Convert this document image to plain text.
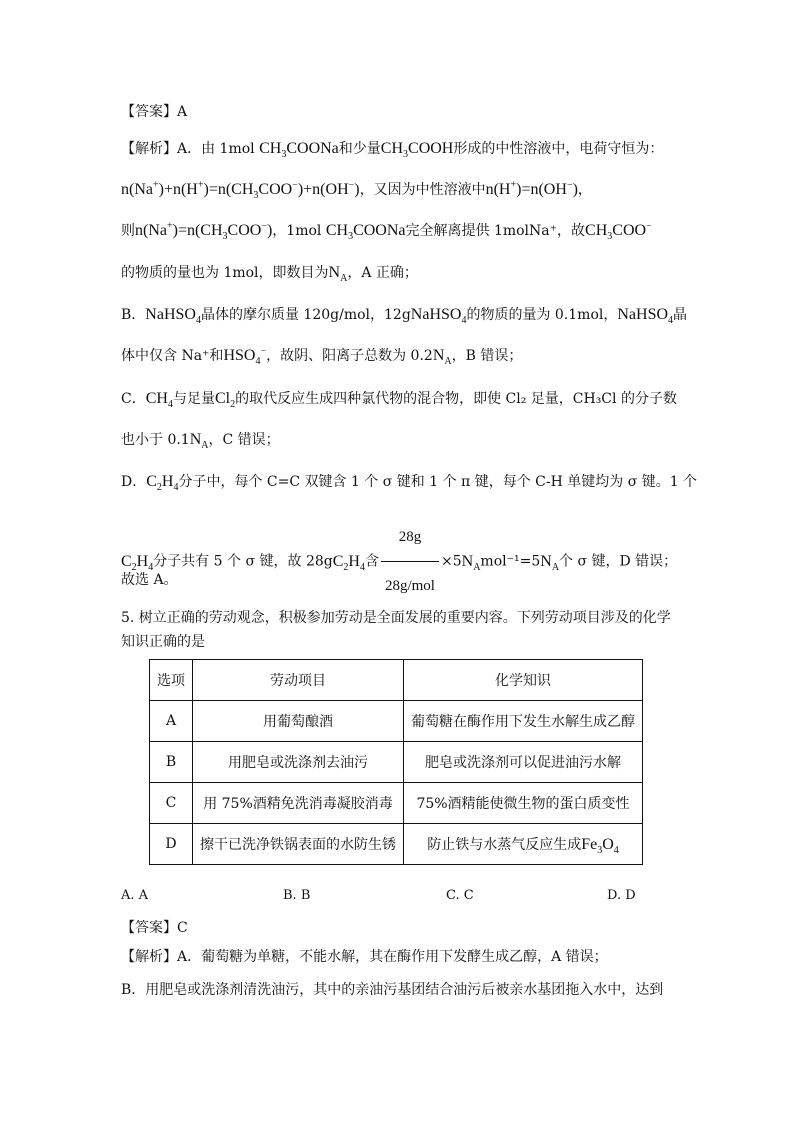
【答案】A
【解析】A．由 1mol $CH_3COONa$和少量$CH_3COOH$形成的中性溶液中，电荷守恒为：
$n(Na^+)+n(H^+)=n(CH_3COO^-)+n(OH^-)$，又因为中性溶液中n(H+)=n(OH−)，
则$n(Na^+)=n(CH_3COO^-)$，1mol $CH_3COONa$完全解离提供 1molNa⁺，故$CH_3COO^-$
的物质的量也为 1mol，即数目为$N_A$，A 正确；
B．NaHSO$_4$晶体的摩尔质量 120g/mol，12gNaHSO$_4$的物质的量为 0.1mol，NaHSO$_4$晶
体中仅含 Na⁺和$HSO_4^-$，故阴、阳离子总数为 $0.2N_A$，B 错误；
C．$CH_4$与足量$Cl_2$的取代反应生成四种氯代物的混合物，即使 Cl₂ 足量，CH₃Cl 的分子数
也小于 $0.1N_A$，C 错误；
D．$C_2H_4$分子中，每个 C=C 双键含 1 个 σ 键和 1 个 π 键，每个 C-H 单键均为 σ 键。1 个
$C_2H_4$分子共有 5 个 σ 键，故 $28gC_2H_4$含 $\frac{28g}{\text{28g/mol}} \times 5N_Amol^{-1}=5N_A$个 σ 键，D 错误；
故选 A。
5. 树立正确的劳动观念，积极参加劳动是全面发展的重要内容。下列劳动项目涉及的化学
知识正确的是
选项	劳动项目	化学知识
A	用葡萄酿酒	葡萄糖在酶作用下发生水解生成乙醇
B	用肥皂或洗涤剂去油污	肥皂或洗涤剂可以促进油污水解
C	用 75%酒精免洗消毒凝胶消毒	75%酒精能使微生物的蛋白质变性
D	擦干已洗净铁锅表面的水防生锈	防止铁与水蒸气反应生成$Fe_3O_4$
A. A	B. B	C. C	D. D
【答案】C
【解析】A．葡萄糖为单糖，不能水解，其在酶作用下发酵生成乙醇，A 错误；
B．用肥皂或洗涤剂清洗油污，其中的亲油污基团结合油污后被亲水基团拖入水中，达到
